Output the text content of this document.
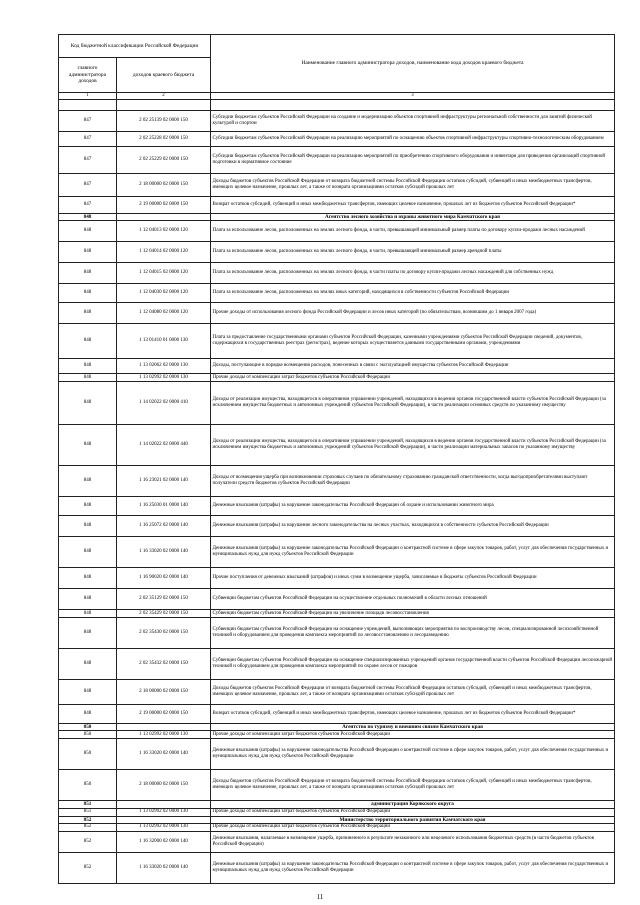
Код бюджетной классификации Российской Федерации		Наименование главного администратора доходов, наименование кода доходов краевого бюджета
главного администратора доходов	доходов краевого бюджета	
1	2	3

847	2 02 25139 02 0000 150	Субсидии бюджетам субъектов Российской Федерации на создание и модернизацию объектов спортивной инфраструктуры региональной собственности для занятий физической культурой и спортом
847	2 02 25228 02 0000 150	Субсидии бюджетам субъектов Российской Федерации на реализацию мероприятий по оснащению объектов спортивной инфраструктуры спортивно-технологическим оборудованием
847	2 02 25229 02 0000 150	Субсидии бюджетам субъектов Российской Федерации на реализацию мероприятий по приобретению спортивного оборудования и инвентаря для приведения организаций спортивной подготовки в нормативное состояние
847	2 18 00000 02 0000 150	Доходы бюджетов субъектов Российской Федерации от возврата бюджетной системы Российской Федерации остатков субсидий, субвенций и иных межбюджетных трансфертов, имеющих целевое назначение, прошлых лет, а также от возврата организациями остатков субсидий прошлых лет
847	2 19 00000 02 0000 150	Возврат остатков субсидий, субвенций и иных межбюджетных трансфертов, имеющих целевое назначение, прошлых лет из бюджетов субъектов Российской Федерации*
848		Агентство лесного хозяйства и охраны животного мира Камчатского края
848	1 12 04013 02 0000 120	Плата за использование лесов, расположенных на землях лесного фонда, в части, превышающей минимальный размер платы по договору купли-продажи лесных насаждений
848	1 12 04014 02 0000 120	Плата за использование лесов, расположенных на землях лесного фонда, в части, превышающей минимальный размер арендной платы
848	1 12 04015 02 0000 120	Плата за использование лесов, расположенных на землях лесного фонда, в части платы по договору купли-продажи лесных насаждений для собственных нужд
848	1 12 04030 02 0000 120	Плата за использование лесов, расположенных на землях иных категорий, находящихся в собственности субъектов Российской Федерации
848	1 12 04080 02 0000 120	Прочие доходы от использования лесного фонда Российской Федерации и лесов иных категорий (по обязательствам, возникшим до 1 января 2007 года)
848	1 13 01410 01 0000 130	Плата за предоставление государственными органами субъектов Российской Федерации, казенными учреждениями субъектов Российской Федерации сведений, документов, содержащихся в государственных реестрах (регистрах), ведение которых осуществляется данными государственными органами, учреждениями
848	1 13 02062 02 0000 130	Доходы, поступающие в порядке возмещения расходов, понесенных в связи с эксплуатацией имущества субъектов Российской Федерации
848	1 13 02992 02 0000 130	Прочие доходы от компенсации затрат бюджетов субъектов Российской Федерации
848	1 14 02022 02 0000 410	Доходы от реализации имущества, находящегося в оперативном управлении учреждений, находящихся в ведении органов государственной власти субъектов Российской Федерации (за исключением имущества бюджетных и автономных учреждений субъектов Российской Федерации), в части реализации основных средств по указанному имуществу
848	1 14 02022 02 0000 440	Доходы от реализации имущества, находящегося в оперативном управлении учреждений, находящихся в ведении органов государственной власти субъектов Российской Федерации (за исключением имущества бюджетных и автономных учреждений субъектов Российской Федерации), в части реализации материальных запасов по указанному имуществу
848	1 16 23021 02 0000 140	Доходы от возмещения ущерба при возникновении страховых случаев по обязательному страхованию гражданской ответственности, когда выгодоприобретателями выступают получатели средств бюджетов субъектов Российской Федерации
848	1 16 25030 01 0000 140	Денежные взыскания (штрафы) за нарушение законодательства Российской Федерации об охране и использовании животного мира
848	1 16 25072 02 0000 140	Денежные взыскания (штрафы) за нарушение лесного законодательства на лесных участках, находящихся в собственности субъектов Российской Федерации
848	1 16 33020 02 0000 140	Денежные взыскания (штрафы) за нарушение законодательства Российской Федерации о контрактной системе в сфере закупок товаров, работ, услуг для обеспечения государственных и муниципальных нужд для нужд субъектов Российской Федерации
848	1 16 90020 02 0000 140	Прочие поступления от денежных взысканий (штрафов) и иных сумм в возмещение ущерба, зачисляемые в бюджеты субъектов Российской Федерации
848	2 02 35129 02 0000 150	Субвенции бюджетам субъектов Российской Федерации на осуществление отдельных полномочий в области лесных отношений
848	2 02 35429 02 0000 150	Субвенции бюджетам субъектов Российской Федерации на увеличение площади лесовосстановления
848	2 02 35430 02 0000 150	Субвенции бюджетам субъектов Российской Федерации на оснащение учреждений, выполняющих мероприятия по воспроизводству лесов, специализированной лесохозяйственной техникой и оборудованием для проведения комплекса мероприятий по лесовосстановлению и лесоразведению
848	2 02 35432 02 0000 150	Субвенции бюджетам субъектов Российской Федерации на оснащение специализированных учреждений органов государственной власти субъектов Российской Федерации лесопожарной техникой и оборудованием для проведения комплекса мероприятий по охране лесов от пожаров
848	2 18 00000 02 0000 150	Доходы бюджетов субъектов Российской Федерации от возврата бюджетной системы Российской Федерации остатков субсидий, субвенций и иных межбюджетных трансфертов, имеющих целевое назначение, прошлых лет, а также от возврата организациями остатков субсидий прошлых лет
848	2 19 00000 02 0000 150	Возврат остатков субсидий, субвенций и иных межбюджетных трансфертов, имеющих целевое назначение, прошлых лет из бюджетов субъектов Российской Федерации*
850		Агентство по туризму и внешним связям Камчатского края
850	1 13 02992 02 0000 130	Прочие доходы от компенсации затрат бюджетов субъектов Российской Федерации
850	1 16 33020 02 0000 140	Денежные взыскания (штрафы) за нарушение законодательства Российской Федерации о контрактной системе в сфере закупок товаров, работ, услуг для обеспечения государственных и муниципальных нужд для нужд субъектов Российской Федерации
850	2 18 00000 02 0000 150	Доходы бюджетов субъектов Российской Федерации от возврата бюджетной системы Российской Федерации остатков субсидий, субвенций и иных межбюджетных трансфертов, имеющих целевое назначение, прошлых лет, а также от возврата организациями остатков субсидий прошлых лет
851		администрация Корякского округа
851	1 13 02992 02 0000 130	Прочие доходы от компенсации затрат бюджетов субъектов Российской Федерации
852		Министерство территориального развития Камчатского края
852	1 13 02992 02 0000 130	Прочие доходы от компенсации затрат бюджетов субъектов Российской Федерации
852	1 16 32000 02 0000 140	Денежные взыскания, налагаемые в возмещение ущерба, причиненного в результате незаконного или нецелевого использования бюджетных средств (в части бюджетов субъектов Российской Федерации)
852	1 16 33020 02 0000 140	Денежные взыскания (штрафы) за нарушение законодательства Российской Федерации о контрактной системе в сфере закупок товаров, работ, услуг для обеспечения государственных и муниципальных нужд для нужд субъектов Российской Федерации
11
